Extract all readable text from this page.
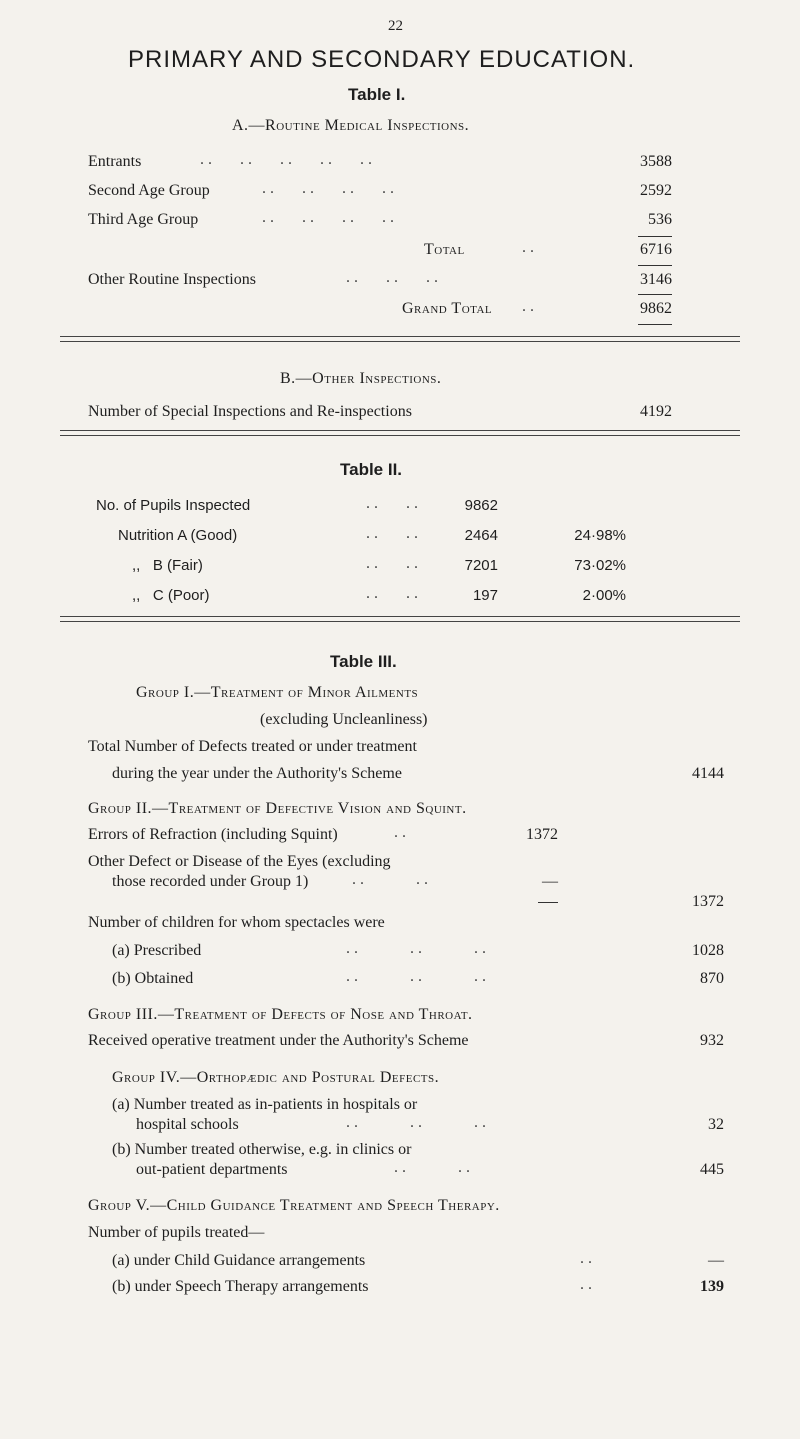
22
PRIMARY AND SECONDARY EDUCATION.
Table I.
A.—Routine Medical Inspections.
Entrants	..   ..   ..   ..   ..	3588
Second Age Group	..   ..   ..   ..	2592
Third Age Group	..   ..   ..   ..	536
Total	..	6716
Other Routine Inspections	..   ..   ..	3146
Grand Total ..	9862
B.—Other Inspections.
Number of Special Inspections and Re-inspections	4192
Table II.
No. of Pupils Inspected	..   ..	9862
Nutrition A (Good)	..   ..	2464	24·98%
,,   B (Fair)	..   ..	7201	73·02%
,,   C (Poor)	..   ..	197	2·00%
Table III.
Group I.—Treatment of Minor Ailments
(excluding Uncleanliness)
Total Number of Defects treated or under treatment
during the year under the Authority's Scheme	4144
Group II.—Treatment of Defective Vision and Squint.
Errors of Refraction (including Squint)	..	1372
Other Defect or Disease of the Eyes (excluding
those recorded under Group 1)	..      ..	—
1372
Number of children for whom spectacles were
(a) Prescribed	..      ..      ..	1028
(b) Obtained	..      ..      ..	870
Group III.—Treatment of Defects of Nose and Throat.
Received operative treatment under the Authority's Scheme	932
Group IV.—Orthopædic and Postural Defects.
(a) Number treated as in-patients in hospitals or
hospital schools	..      ..      ..	32
(b) Number treated otherwise, e.g. in clinics or
out-patient departments	..      ..	445
Group V.—Child Guidance Treatment and Speech Therapy.
Number of pupils treated—
(a) under Child Guidance arrangements	..	—
(b) under Speech Therapy arrangements	..	139
